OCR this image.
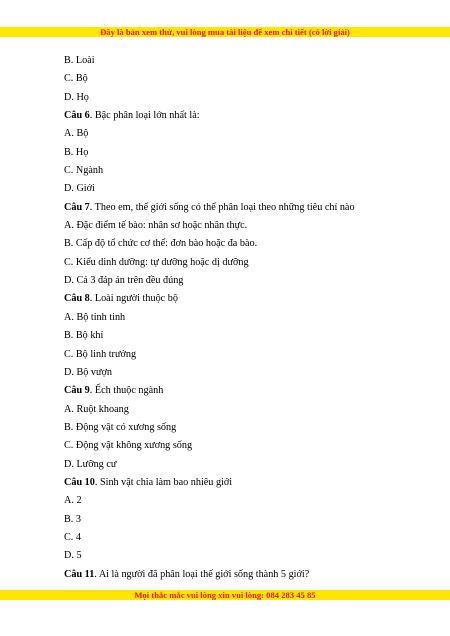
Đây là bản xem thử, vui lòng mua tài liệu để xem chi tiết (có lời giải)
B. Loài
C. Bộ
D. Họ
Câu 6. Bậc phân loại lớn nhất là:
A. Bộ
B. Họ
C. Ngành
D. Giới
Câu 7. Theo em, thế giới sống có thể phân loại theo những tiêu chí nào
A. Đặc điểm tế bào: nhân sơ hoặc nhân thực.
B. Cấp độ tổ chức cơ thể: đơn bào hoặc đa bào.
C. Kiểu dinh dưỡng: tự dưỡng hoặc dị dưỡng
D. Cả 3 đáp án trên đều đúng
Câu 8. Loài người thuộc bộ
A. Bộ tinh tinh
B. Bộ khỉ
C. Bộ linh trưởng
D. Bộ vượn
Câu 9. Ếch thuộc ngành
A. Ruột khoang
B. Động vật có xương sống
C. Động vật không xương sống
D. Lưỡng cư
Câu 10. Sinh vật chia làm bao nhiêu giới
A. 2
B. 3
C. 4
D. 5
Câu 11. Ai là người đã phân loại thế giới sống thành 5 giới?
Mọi thắc mắc vui lòng xin vui lòng: 084 283 45 85
